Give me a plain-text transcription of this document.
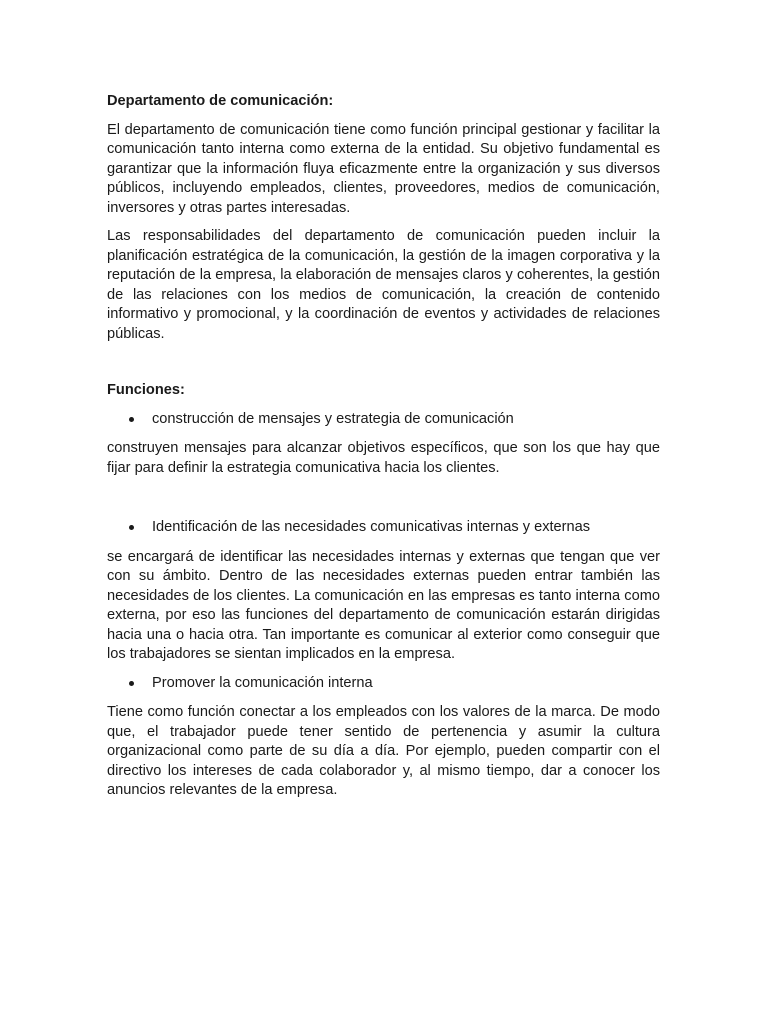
Departamento de comunicación:

El departamento de comunicación tiene como función principal gestionar y facilitar la comunicación tanto interna como externa de la entidad. Su objetivo fundamental es garantizar que la información fluya eficazmente entre la organización y sus diversos públicos, incluyendo empleados, clientes, proveedores, medios de comunicación, inversores y otras partes interesadas.

Las responsabilidades del departamento de comunicación pueden incluir la planificación estratégica de la comunicación, la gestión de la imagen corporativa y la reputación de la empresa, la elaboración de mensajes claros y coherentes, la gestión de las relaciones con los medios de comunicación, la creación de contenido informativo y promocional, y la coordinación de eventos y actividades de relaciones públicas.

Funciones:
construcción de mensajes y estrategia de comunicación

construyen mensajes para alcanzar objetivos específicos, que son los que hay que fijar para definir la estrategia comunicativa hacia los clientes.

Identificación de las necesidades comunicativas internas y externas

se encargará de identificar las necesidades internas y externas que tengan que ver con su ámbito. Dentro de las necesidades externas pueden entrar también las necesidades de los clientes. La comunicación en las empresas es tanto interna como externa, por eso las funciones del departamento de comunicación estarán dirigidas hacia una o hacia otra. Tan importante es comunicar al exterior como conseguir que los trabajadores se sientan implicados en la empresa.

Promover la comunicación interna

Tiene como función conectar a los empleados con los valores de la marca. De modo que, el trabajador puede tener sentido de pertenencia y asumir la cultura organizacional como parte de su día a día. Por ejemplo, pueden compartir con el directivo los intereses de cada colaborador y, al mismo tiempo, dar a conocer los anuncios relevantes de la empresa.
